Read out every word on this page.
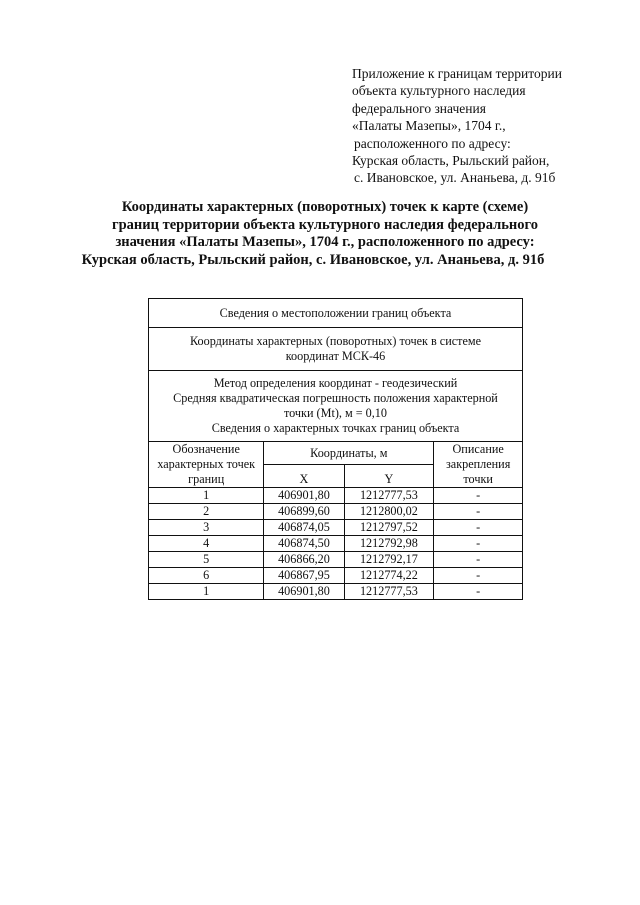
Приложение к границам территории
объекта культурного наследия
федерального значения
«Палаты Мазепы», 1704 г.,
расположенного по адресу:
Курская область, Рыльский район,
с. Ивановское, ул. Ананьева, д. 91б
Координаты характерных (поворотных) точек к карте (схеме)
границ территории объекта культурного наследия федерального
значения «Палаты Мазепы», 1704 г., расположенного по адресу:
Курская область, Рыльский район, с. Ивановское, ул. Ананьева, д. 91б
Сведения о местоположении границ объекта			

Координаты характерных (поворотных) точек в системе
координат МСК-46			

Метод определения координат - геодезический
Средняя квадратическая погрешность положения характерной
точки (Mt), м = 0,10
Сведения о характерных точках границ объекта			

Обозначение характерных точек границ	Координаты, м		Описание закрепления точки
	X	Y	
1	406901,80	1212777,53	-
2	406899,60	1212800,02	-
3	406874,05	1212797,52	-
4	406874,50	1212792,98	-
5	406866,20	1212792,17	-
6	406867,95	1212774,22	-
1	406901,80	1212777,53	-
